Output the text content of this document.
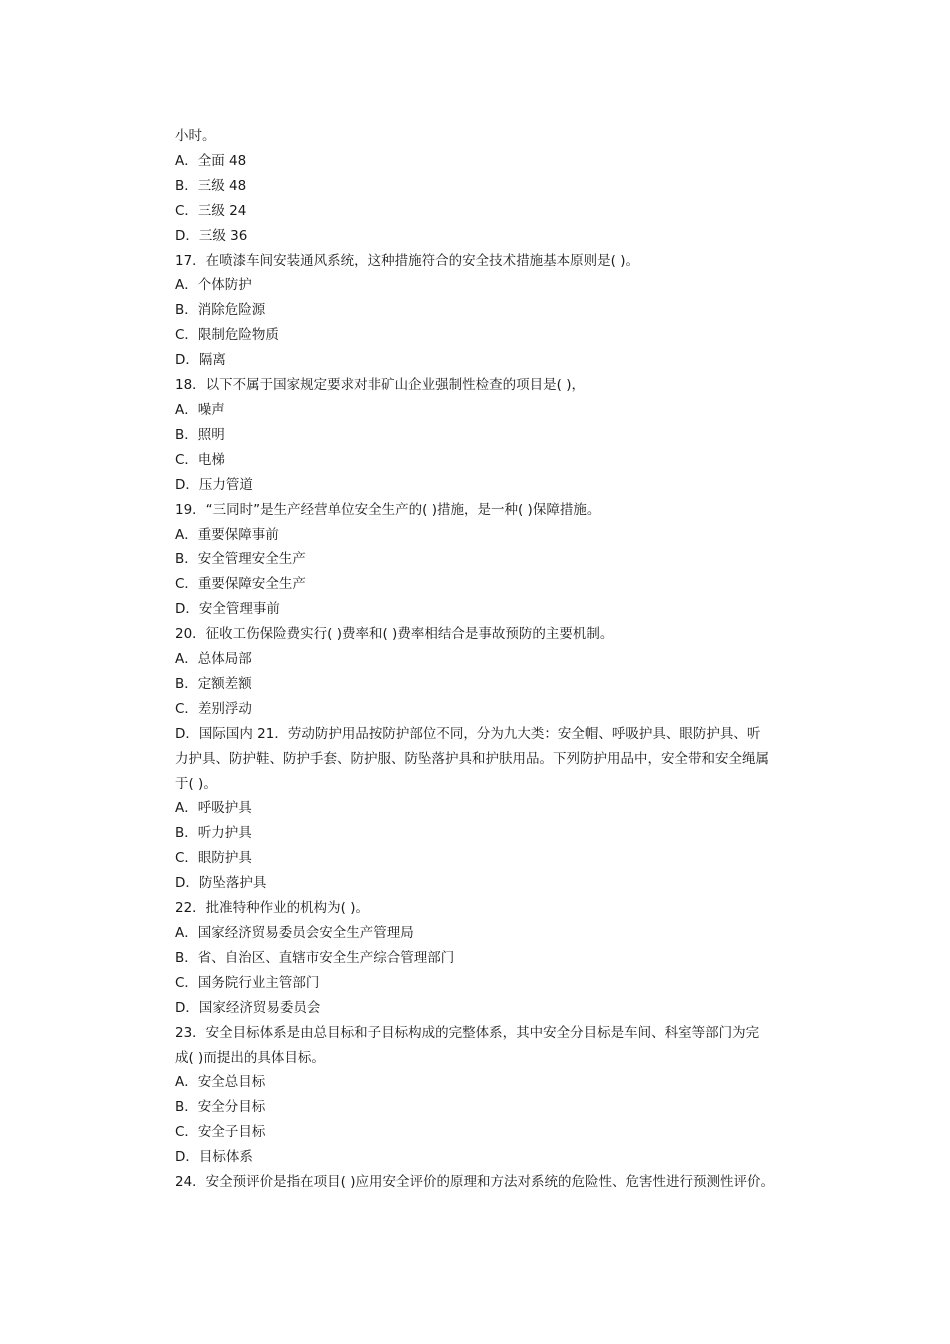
小时。
A．全面 48
B．三级 48
C．三级 24
D．三级 36
17．在喷漆车间安装通风系统，这种措施符合的安全技术措施基本原则是( )。
A．个体防护
B．消除危险源
C．限制危险物质
D．隔离
18．以下不属于国家规定要求对非矿山企业强制性检查的项目是( )，
A．噪声
B．照明
C．电梯
D．压力管道
19．“三同时”是生产经营单位安全生产的( )措施，是一种( )保障措施。
A．重要保障事前
B．安全管理安全生产
C．重要保障安全生产
D．安全管理事前
20．征收工伤保险费实行( )费率和( )费率相结合是事故预防的主要机制。
A．总体局部
B．定额差额
C．差别浮动
D．国际国内 21．劳动防护用品按防护部位不同，分为九大类：安全帽、呼吸护具、眼防护具、听
力护具、防护鞋、防护手套、防护服、防坠落护具和护肤用品。下列防护用品中，安全带和安全绳属
于( )。
A．呼吸护具
B．听力护具
C．眼防护具
D．防坠落护具
22．批准特种作业的机构为( )。
A．国家经济贸易委员会安全生产管理局
B．省、自治区、直辖市安全生产综合管理部门
C．国务院行业主管部门
D．国家经济贸易委员会
23．安全目标体系是由总目标和子目标构成的完整体系，其中安全分目标是车间、科室等部门为完
成( )而提出的具体目标。
A．安全总目标
B．安全分目标
C．安全子目标
D．目标体系
24．安全预评价是指在项目( )应用安全评价的原理和方法对系统的危险性、危害性进行预测性评价。
